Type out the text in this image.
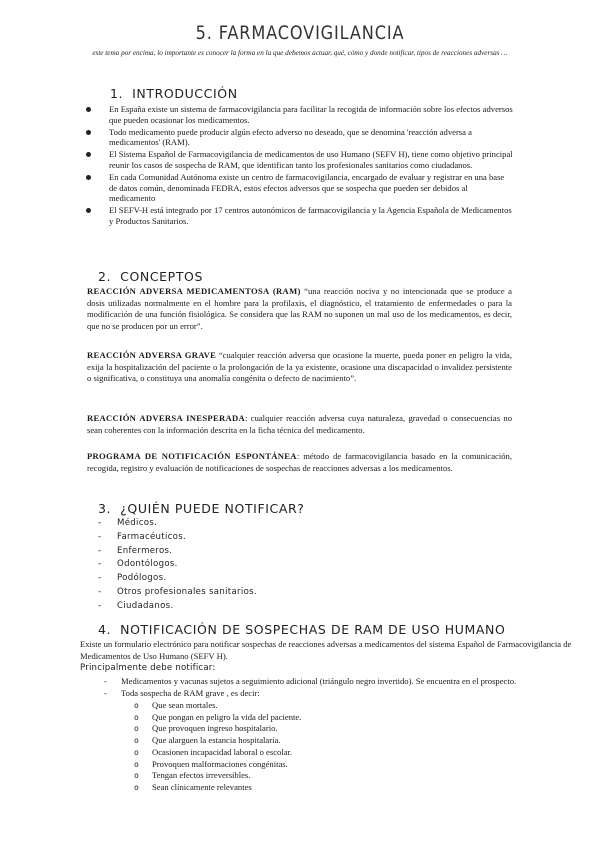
5. FARMACOVIGILANCIA
este tema por encima, lo importante es conocer la forma en la que debemos actuar, qué, cómo y donde notificar, tipos de reacciones adversas …
1. INTRODUCCIÓN
En España existe un sistema de farmacovigilancia para facilitar la recogida de información sobre los efectos adversos que pueden ocasionar los medicamentos.
Todo medicamento puede producir algún efecto adverso no deseado, que se denomina 'reacción adversa a medicamentos' (RAM).
El Sistema Español de Farmacovigilancia de medicamentos de uso Humano (SEFV H), tiene como objetivo principal reunir los casos de sospecha de RAM, que identifican tanto los profesionales sanitarios como ciudadanos.
En cada Comunidad Autónoma existe un centro de farmacovigilancia, encargado de evaluar y registrar en una base de datos común, denominada FEDRA, estos efectos adversos que se sospecha que pueden ser debidos al medicamento
El SEFV-H está integrado por 17 centros autonómicos de farmacovigilancia y la Agencia Española de Medicamentos y Productos Sanitarios.
2. CONCEPTOS

REACCIÓN ADVERSA MEDICAMENTOSA (RAM) “una reacción nociva y no intencionada que se produce a dosis utilizadas normalmente en el hombre para la profilaxis, el diagnóstico, el tratamiento de enfermedades o para la modificación de una función fisiológica. Se considera que las RAM no suponen un mal uso de los medicamentos, es decir, que no se producen por un error”.

REACCIÓN ADVERSA GRAVE “cualquier reacción adversa que ocasione la muerte, pueda poner en peligro la vida, exija la hospitalización del paciente o la prolongación de la ya existente, ocasione una discapacidad o invalidez persistente o significativa, o constituya una anomalía congénita o defecto de nacimiento”.

REACCIÓN ADVERSA INESPERADA: cualquier reacción adversa cuya naturaleza, gravedad o consecuencias no sean coherentes con la información descrita en la ficha técnica del medicamento.

PROGRAMA DE NOTIFICACIÓN ESPONTÁNEA: método de farmacovigilancia basado en la comunicación, recogida, registro y evaluación de notificaciones de sospechas de reacciones adversas a los medicamentos.

3. ¿QUIÉN PUEDE NOTIFICAR?
- Médicos.
- Farmacéuticos.
- Enfermeros.
- Odontólogos.
- Podólogos.
- Otros profesionales sanitarios.
- Ciudadanos.
4. NOTIFICACIÓN DE SOSPECHAS DE RAM DE USO HUMANO

Existe un formulario electrónico para notificar sospechas de reacciones adversas a medicamentos del sistema Español de Farmacovigilancia de Medicamentos de Uso Humano (SEFV H).

Principalmente debe notificar:

- Medicamentos y vacunas sujetos a seguimiento adicional (triángulo negro invertido). Se encuentra en el prospecto.
- Toda sospecha de RAM grave , es decir:
o Que sean mortales.
o Que pongan en peligro la vida del paciente.
o Que provoquen ingreso hospitalario.
o Que alarguen la estancia hospitalaria.
o Ocasionen incapacidad laboral o escolar.
o Provoquen malformaciones congénitas.
o Tengan efectos irreversibles.
o Sean clínicamente relevantes
